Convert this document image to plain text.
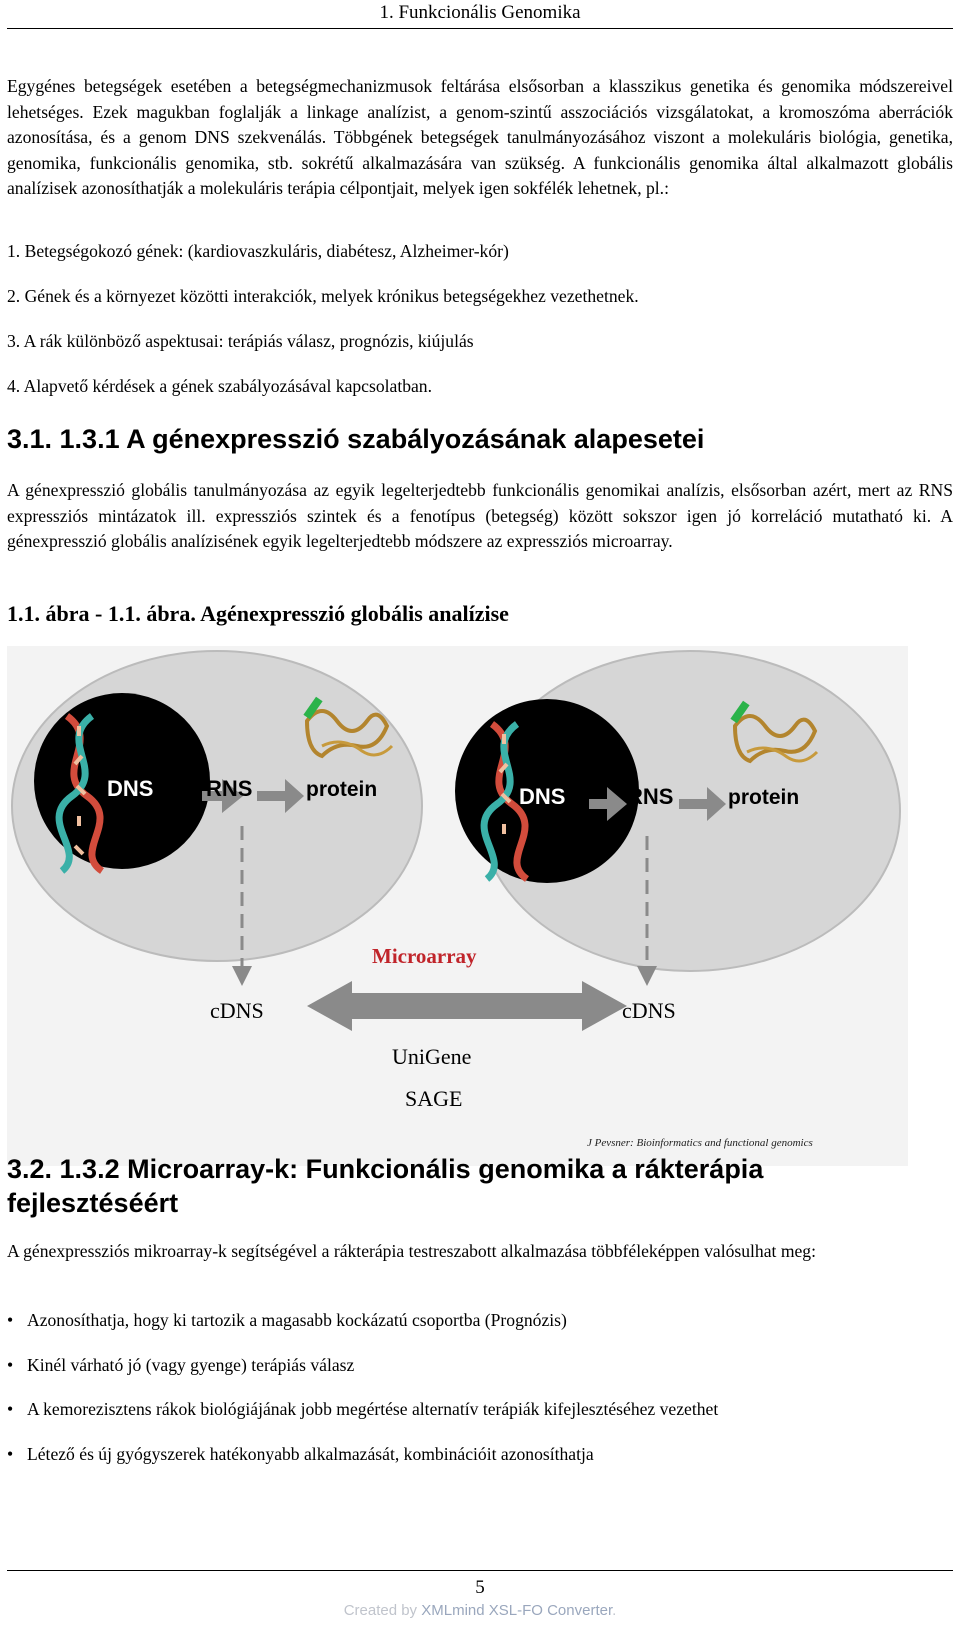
1. Funkcionális Genomika

Egygénes betegségek esetében a betegségmechanizmusok feltárása elsősorban a klasszikus genetika és genomika módszereivel lehetséges. Ezek magukban foglalják a linkage analízist, a genom-szintű asszociációs vizsgálatokat, a kromoszóma aberrációk azonosítása, és a genom DNS szekvenálás. Többgének betegségek tanulmányozásához viszont a molekuláris biológia, genetika, genomika, funkcionális genomika, stb. sokrétű alkalmazására van szükség. A funkcionális genomika által alkalmazott globális analízisek azonosíthatják a molekuláris terápia célpontjait, melyek igen sokfélék lehetnek, pl.:

1. Betegségokozó gének: (kardiovaszkuláris, diabétesz, Alzheimer-kór)
2. Gének és a környezet közötti interakciók, melyek krónikus betegségekhez vezethetnek.
3. A rák különböző aspektusai: terápiás válasz, prognózis, kiújulás
4. Alapvető kérdések a gének szabályozásával kapcsolatban.
3.1. 1.3.1 A génexpresszió szabályozásának alapesetei

A génexpresszió globális tanulmányozása az egyik legelterjedtebb funkcionális genomikai analízis, elsősorban azért, mert az RNS expressziós mintázatok ill. expressziós szintek és a fenotípus (betegség) között sokszor igen jó korreláció mutatható ki. A génexpresszió globális analízisének egyik legelterjedtebb módszere az expressziós microarray.

1.1. ábra - 1.1. ábra. Agénexpresszió globális analízise
DNS RNS	protein	DNS	RNS	protein
Microarray
cDNS	cDNS
UniGene
SAGE
J Pevsner: Bioinformatics and functional genomics
3.2. 1.3.2 Microarray-k: Funkcionális genomika a rákterápia
fejlesztéséért

A génexpressziós mikroarray-k segítségével a rákterápia testreszabott alkalmazása többféleképpen valósulhat meg:

• Azonosíthatja, hogy ki tartozik a magasabb kockázatú csoportba (Prognózis)
• Kinél várható jó (vagy gyenge) terápiás válasz
• A kemorezisztens rákok biológiájának jobb megértése alternatív terápiák kifejlesztéséhez vezethet
• Létező és új gyógyszerek hatékonyabb alkalmazását, kombinációit azonosíthatja
5
Created by XMLmind XSL-FO Converter.
